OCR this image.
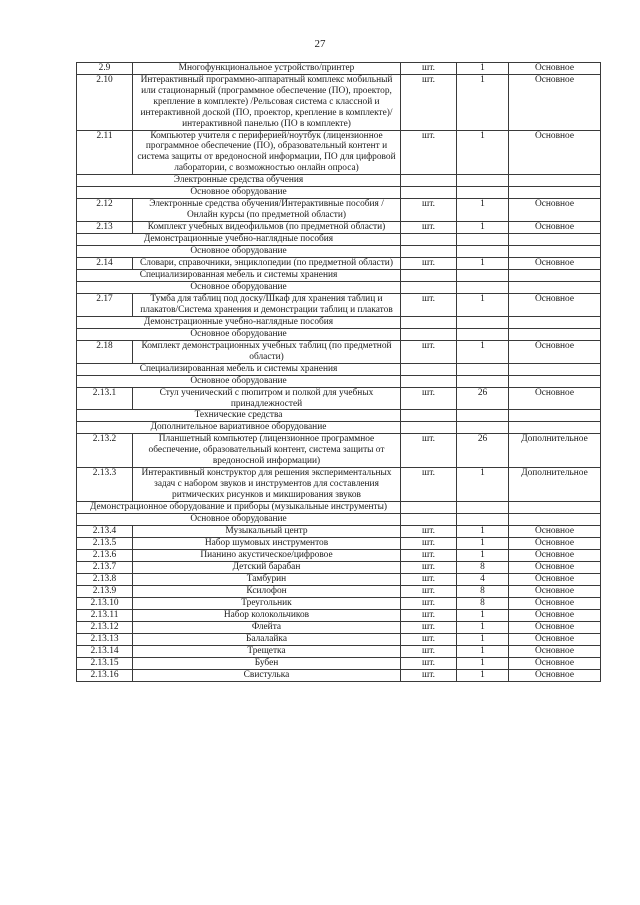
27
2.9	Многофункциональное устройство/принтер	шт.	1	Основное
2.10	Интерактивный программно-аппаратный комплекс мобильный или стационарный (программное обеспечение (ПО), проектор, крепление в комплекте) /Рельсовая система с классной и интерактивной доской (ПО, проектор, крепление в комплекте)/ интерактивной панелью (ПО в комплекте)	шт.	1	Основное
2.11	Компьютер учителя с периферией/ноутбук (лицензионное программное обеспечение (ПО), образовательный контент и система защиты от вредоносной информации, ПО для цифровой лаборатории, с возможностью онлайн опроса)	шт.	1	Основное
Электронные средства обучения				
Основное оборудование				
2.12	Электронные средства обучения/Интерактивные пособия / Онлайн курсы (по предметной области)	шт.	1	Основное
2.13	Комплект учебных видеофильмов (по предметной области)	шт.	1	Основное
Демонстрационные учебно-наглядные пособия				
Основное оборудование				
2.14	Словари, справочники, энциклопедии (по предметной области)	шт.	1	Основное
Специализированная мебель и системы хранения				
Основное оборудование				
2.17	Тумба для таблиц под доску/Шкаф для хранения таблиц и плакатов/Система хранения и демонстрации таблиц и плакатов	шт.	1	Основное
Демонстрационные учебно-наглядные пособия				
Основное оборудование				
2.18	Комплект демонстрационных учебных таблиц (по предметной области)	шт.	1	Основное
Специализированная мебель и системы хранения				
Основное оборудование				
2.13.1	Стул ученический с пюпитром и полкой для учебных принадлежностей	шт.	26	Основное
Технические средства				
Дополнительное вариативное оборудование				
2.13.2	Планшетный компьютер (лицензионное программное обеспечение, образовательный контент, система защиты от вредоносной информации)	шт.	26	Дополнительное
2.13.3	Интерактивный конструктор для решения экспериментальных задач с набором звуков и инструментов для составления ритмических рисунков и микширования звуков	шт.	1	Дополнительное
Демонстрационное оборудование и приборы (музыкальные инструменты)				
Основное оборудование				
2.13.4	Музыкальный центр	шт.	1	Основное
2.13.5	Набор шумовых инструментов	шт.	1	Основное
2.13.6	Пианино акустическое/цифровое	шт.	1	Основное
2.13.7	Детский барабан	шт.	8	Основное
2.13.8	Тамбурин	шт.	4	Основное
2.13.9	Ксилофон	шт.	8	Основное
2.13.10	Треугольник	шт.	8	Основное
2.13.11	Набор колокольчиков	шт.	1	Основное
2.13.12	Флейта	шт.	1	Основное
2.13.13	Балалайка	шт.	1	Основное
2.13.14	Трещетка	шт.	1	Основное
2.13.15	Бубен	шт.	1	Основное
2.13.16	Свистулька	шт.	1	Основное
